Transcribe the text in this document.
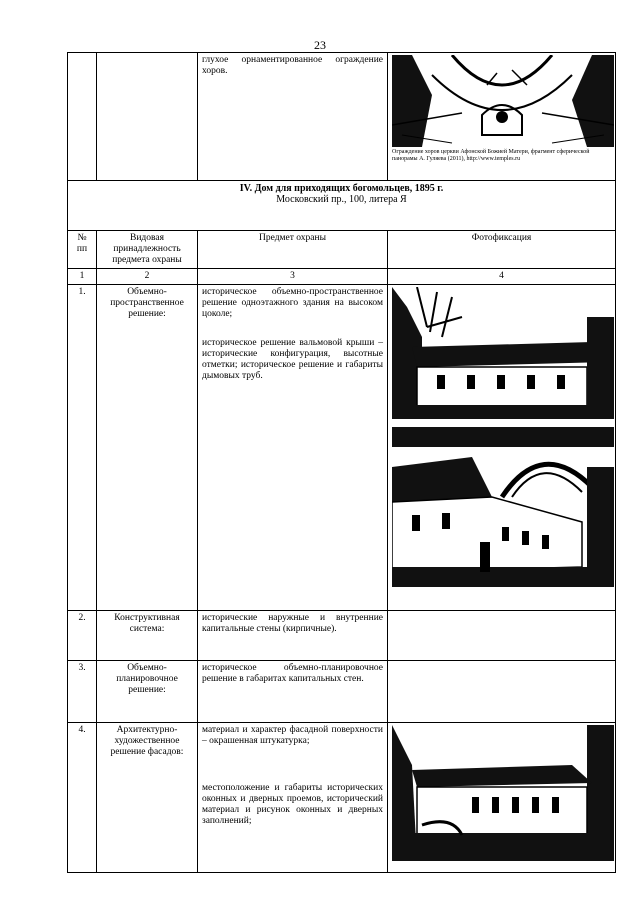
23
		глухое орнаментированное ограждение хоров.	Ограждение хоров церкви Афонской Божией Матери, фрагмент сферической панорамы А. Гуляева (2011), http://www.temples.ru

IV. Дом для приходящих богомольцев, 1895 г.
Московский пр., 100, литера Я			

№ пп	Видовая принадлежность предмета охраны	Предмет охраны	Фотофиксация
1	2	3	4
1.	Объемно-пространственное решение:	историческое объемно-пространственное решение одноэтажного здания на высоком цоколе;
историческое решение вальмовой крыши – исторические конфигурация, высотные отметки; историческое решение и габариты дымовых труб.

2.	Конструктивная система:	исторические наружные и внутренние капитальные стены (кирпичные).	

3.	Объемно-планировочное решение:	историческое объемно-планировочное решение в габаритах капитальных стен.	

4.	Архитектурно-художественное решение фасадов:	материал и характер фасадной поверхности – окрашенная штукатурка;
местоположение и габариты исторических оконных и дверных проемов, исторический материал и рисунок оконных и дверных заполнений;
